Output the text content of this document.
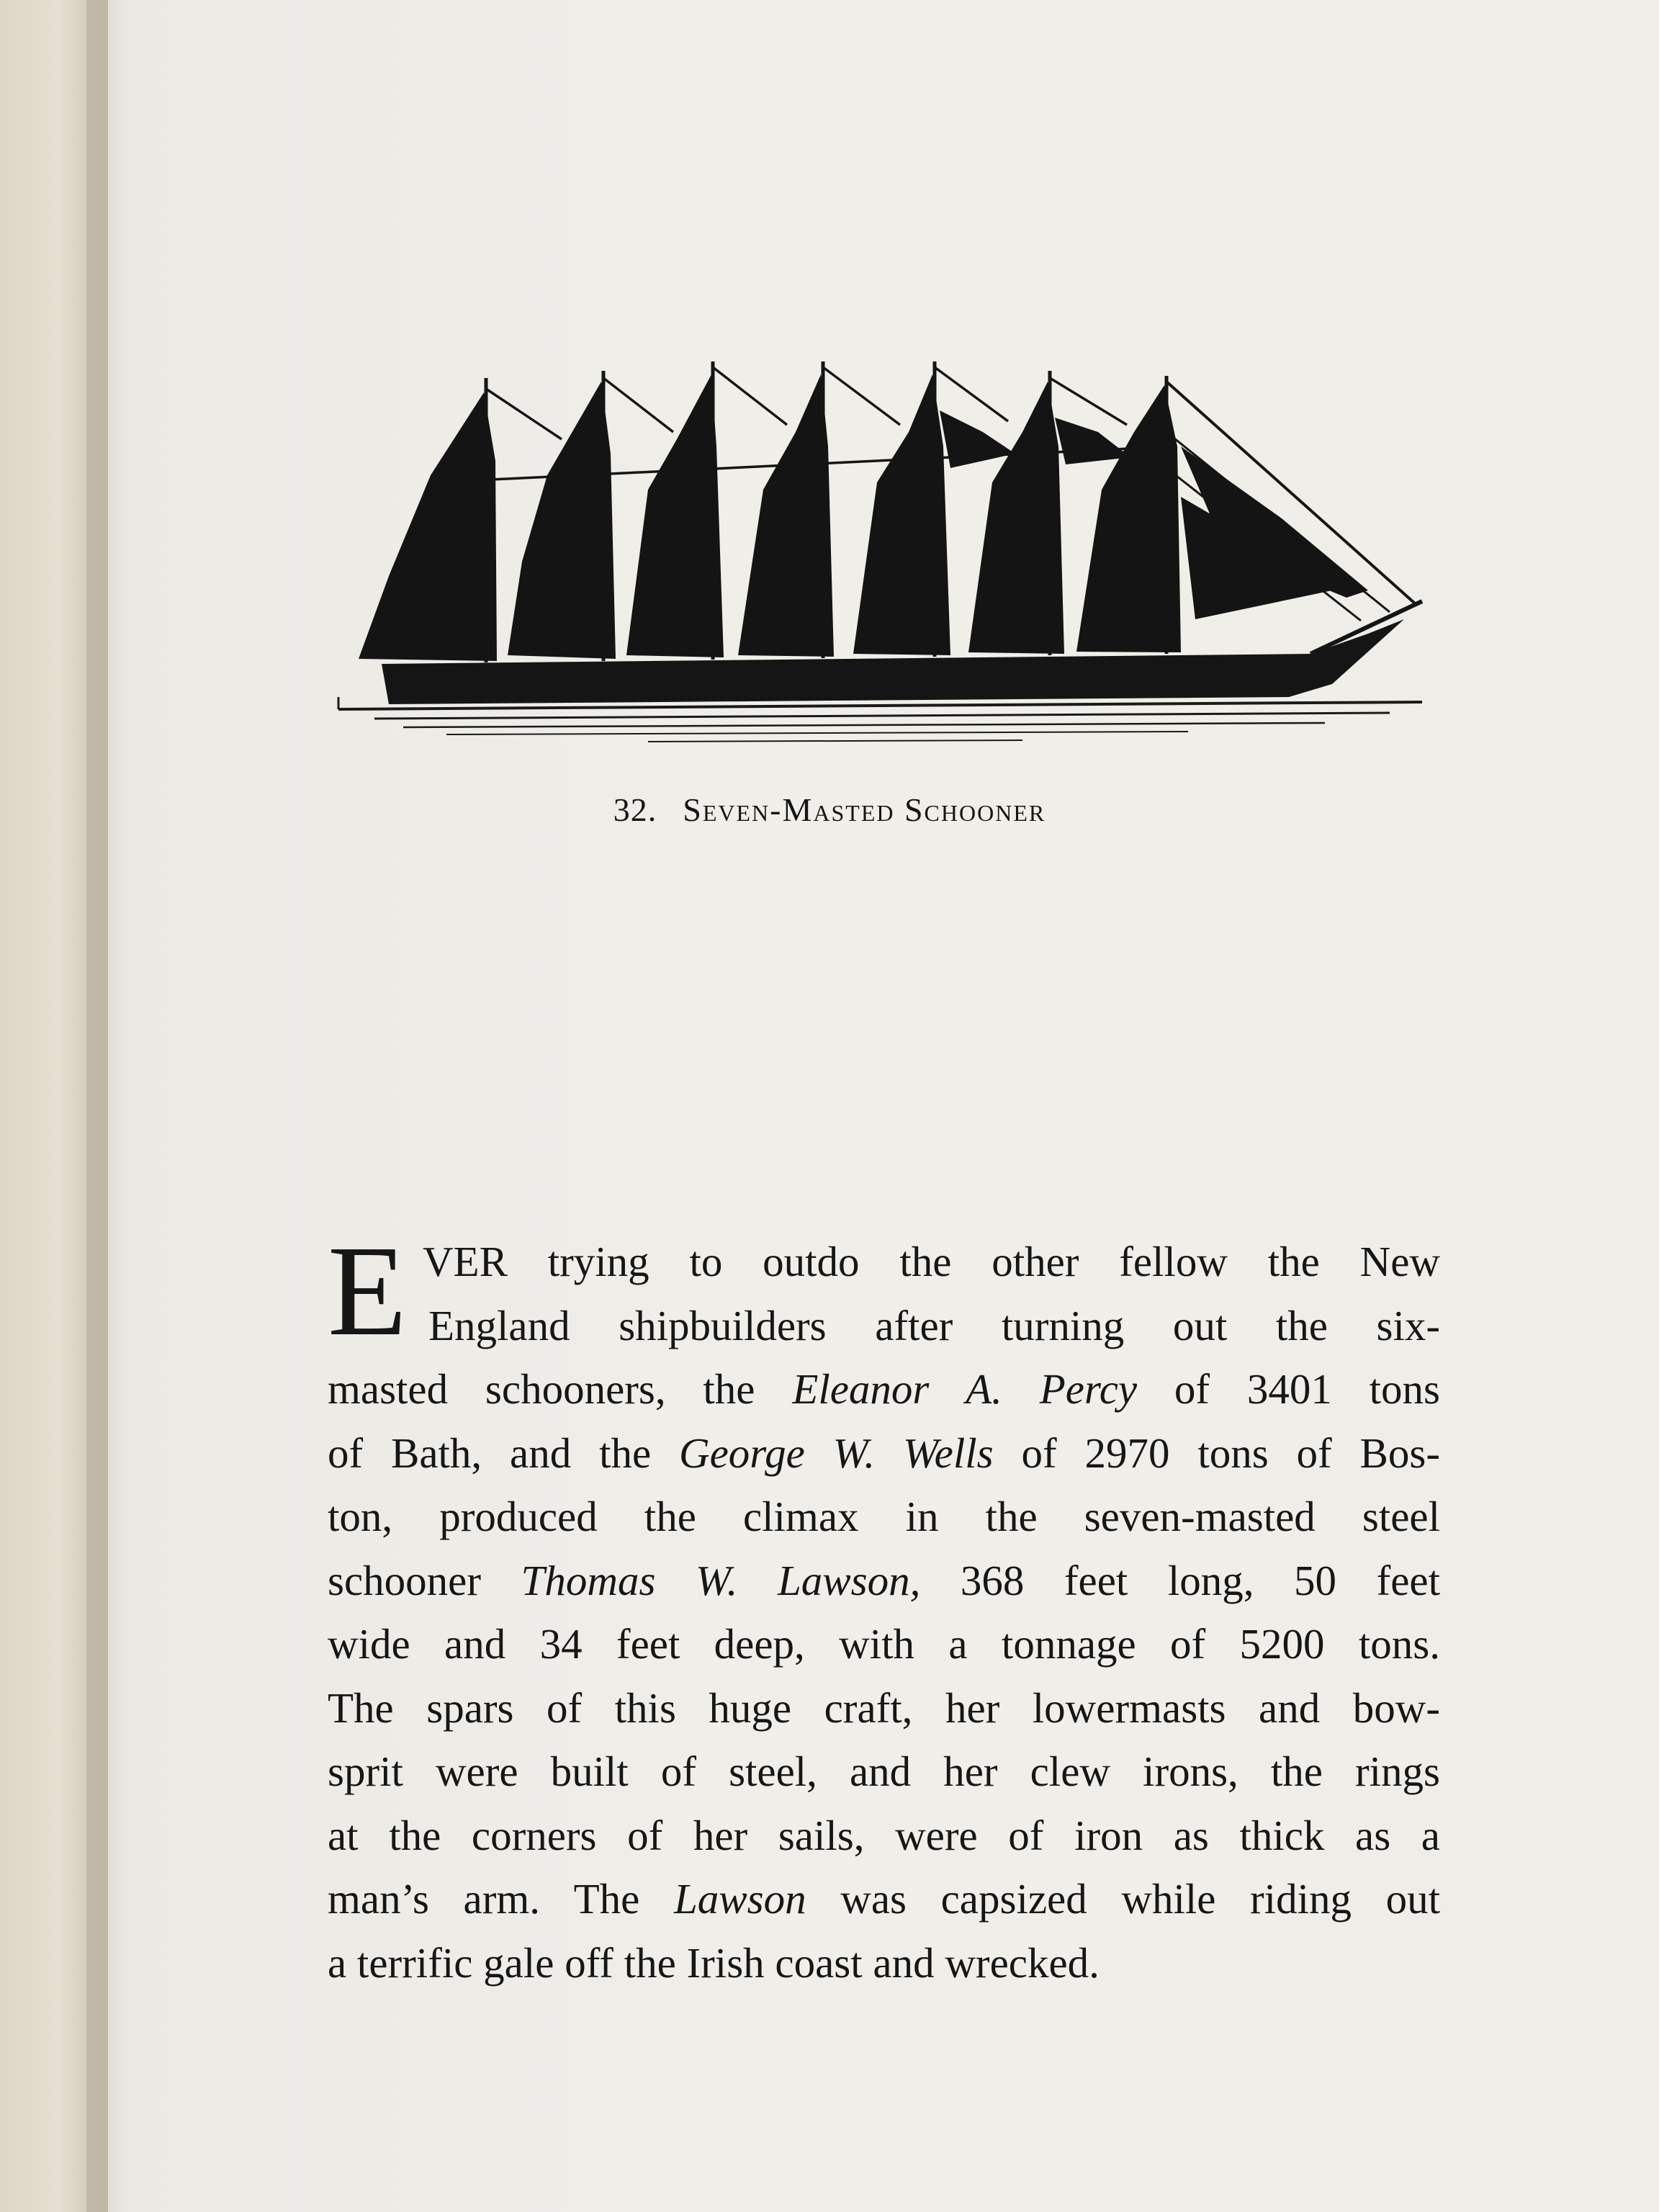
32. Seven-Masted Schooner
E VER trying to outdo the other fellow the New
England shipbuilders after turning out the six-
masted schooners, the Eleanor A. Percy of 3401 tons
of Bath, and the George W. Wells of 2970 tons of Bos-
ton, produced the climax in the seven-masted steel
schooner Thomas W. Lawson, 368 feet long, 50 feet
wide and 34 feet deep, with a tonnage of 5200 tons.
The spars of this huge craft, her lowermasts and bow-
sprit were built of steel, and her clew irons, the rings
at the corners of her sails, were of iron as thick as a
man’s arm. The Lawson was capsized while riding out
a terrific gale off the Irish coast and wrecked.
